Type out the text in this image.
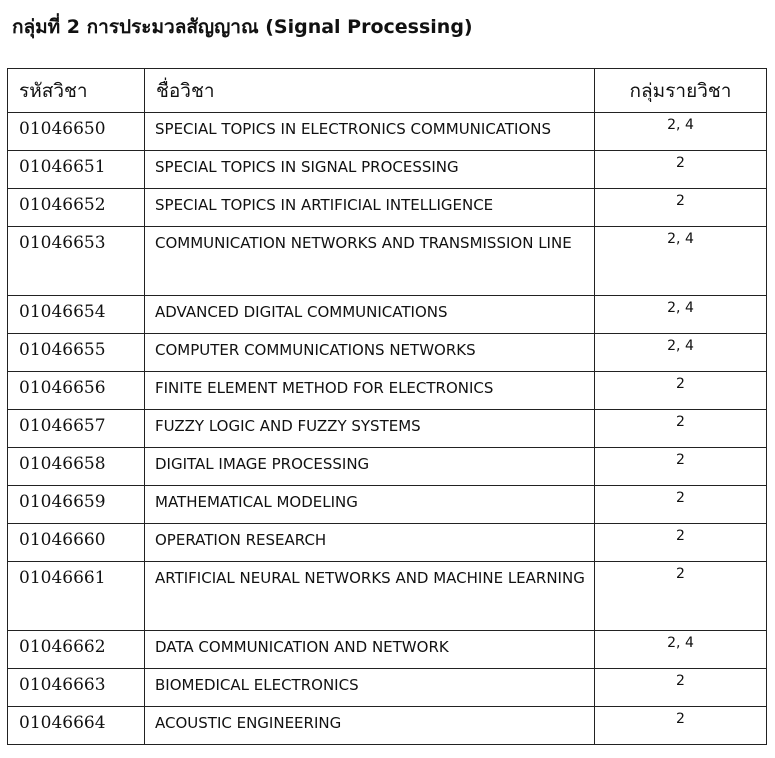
กลุ่มที่ 2 การประมวลสัญญาณ (Signal Processing)
รหัสวิชา	ชื่อวิชา	กลุ่มรายวิชา

01046650	SPECIAL TOPICS IN ELECTRONICS COMMUNICATIONS	2, 4

01046651	SPECIAL TOPICS IN SIGNAL PROCESSING	2

01046652	SPECIAL TOPICS IN ARTIFICIAL INTELLIGENCE	2

01046653	COMMUNICATION NETWORKS AND TRANSMISSION LINE	2, 4

01046654	ADVANCED DIGITAL COMMUNICATIONS	2, 4

01046655	COMPUTER COMMUNICATIONS NETWORKS	2, 4

01046656	FINITE ELEMENT METHOD FOR ELECTRONICS	2

01046657	FUZZY LOGIC AND FUZZY SYSTEMS	2

01046658	DIGITAL IMAGE PROCESSING	2

01046659	MATHEMATICAL MODELING	2

01046660	OPERATION RESEARCH	2

01046661	ARTIFICIAL NEURAL NETWORKS AND MACHINE LEARNING	2

01046662	DATA COMMUNICATION AND NETWORK	2, 4

01046663	BIOMEDICAL ELECTRONICS	2

01046664	ACOUSTIC ENGINEERING	2
